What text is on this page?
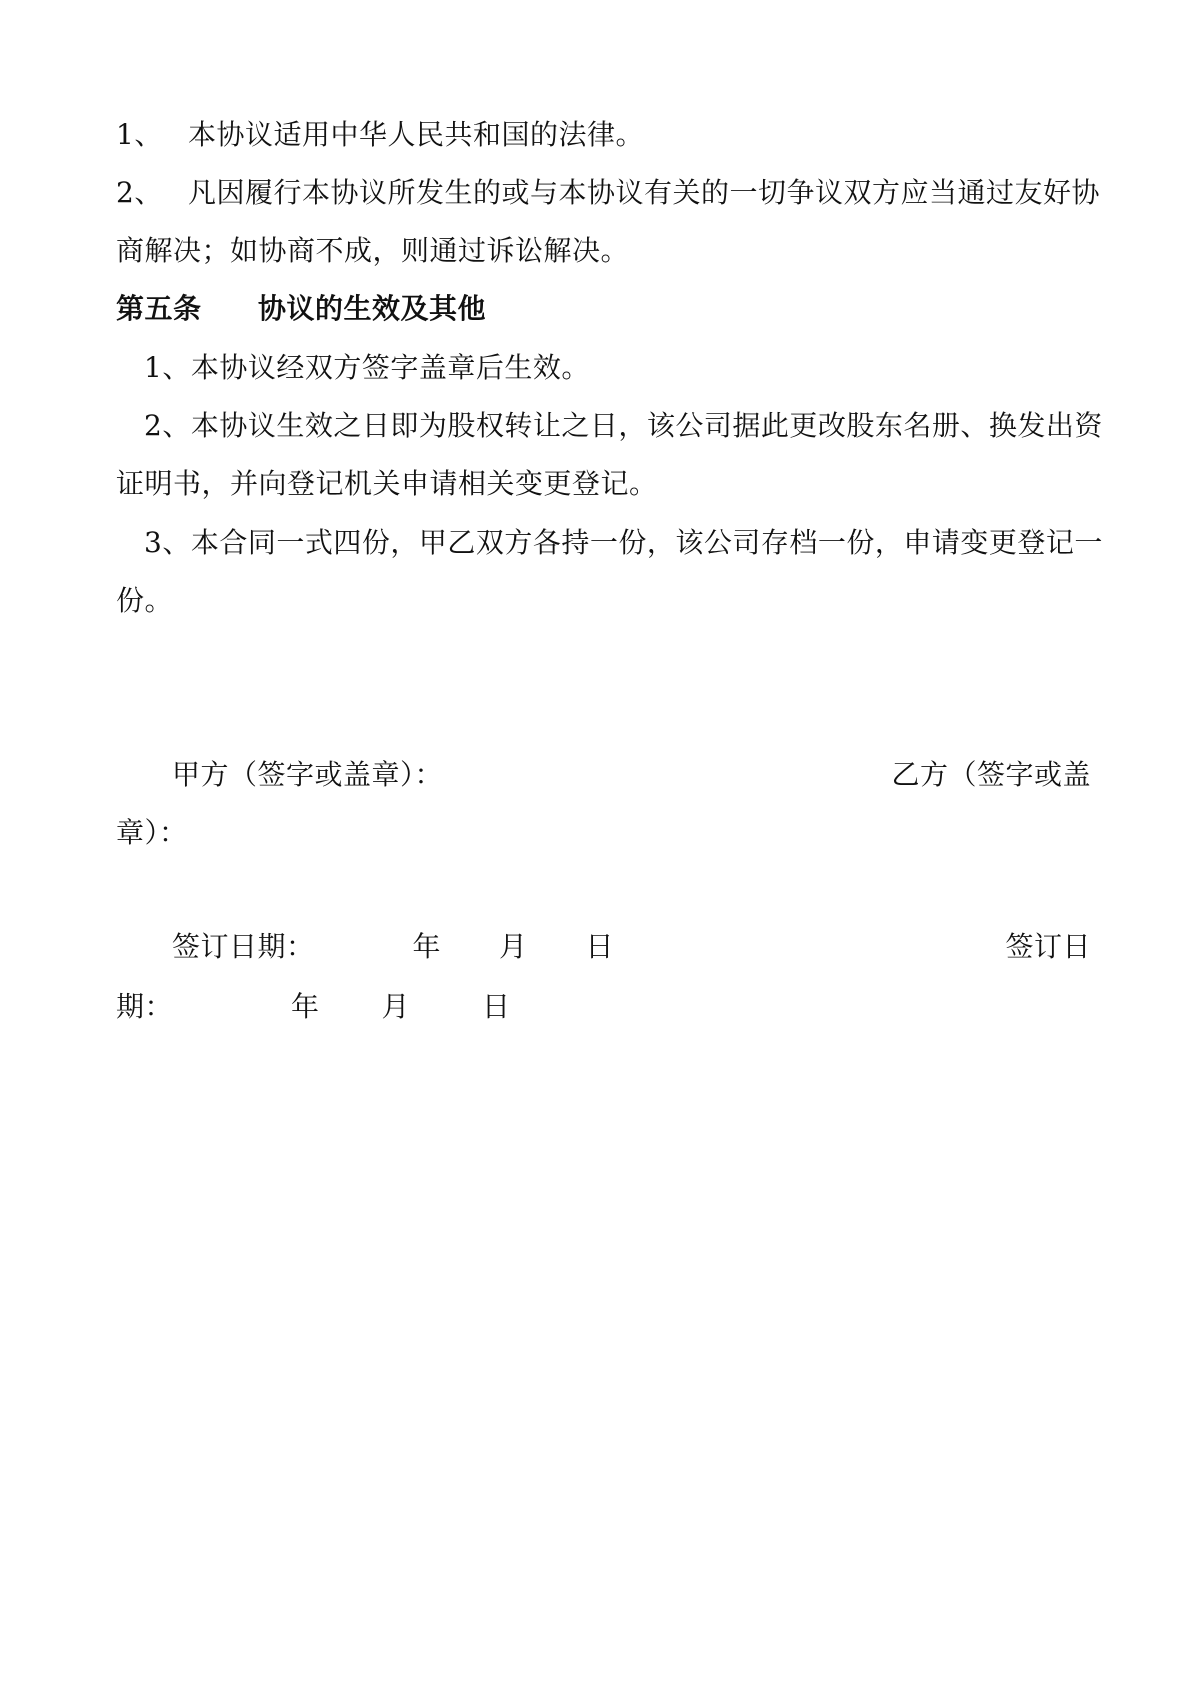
1、 本协议适用中华人民共和国的法律。
2、 凡因履行本协议所发生的或与本协议有关的一切争议双方应当通过友好协
商解决；如协商不成，则通过诉讼解决。
第五条 协议的生效及其他
1、本协议经双方签字盖章后生效。
2、本协议生效之日即为股权转让之日，该公司据此更改股东名册、换发出资
证明书，并向登记机关申请相关变更登记。
3、本合同一式四份，甲乙双方各持一份，该公司存档一份，申请变更登记一
份。
甲方（签字或盖章）：	乙方（签字或盖
章）：
签订日期：	年 月 日	签订日
期：	年 月	日
